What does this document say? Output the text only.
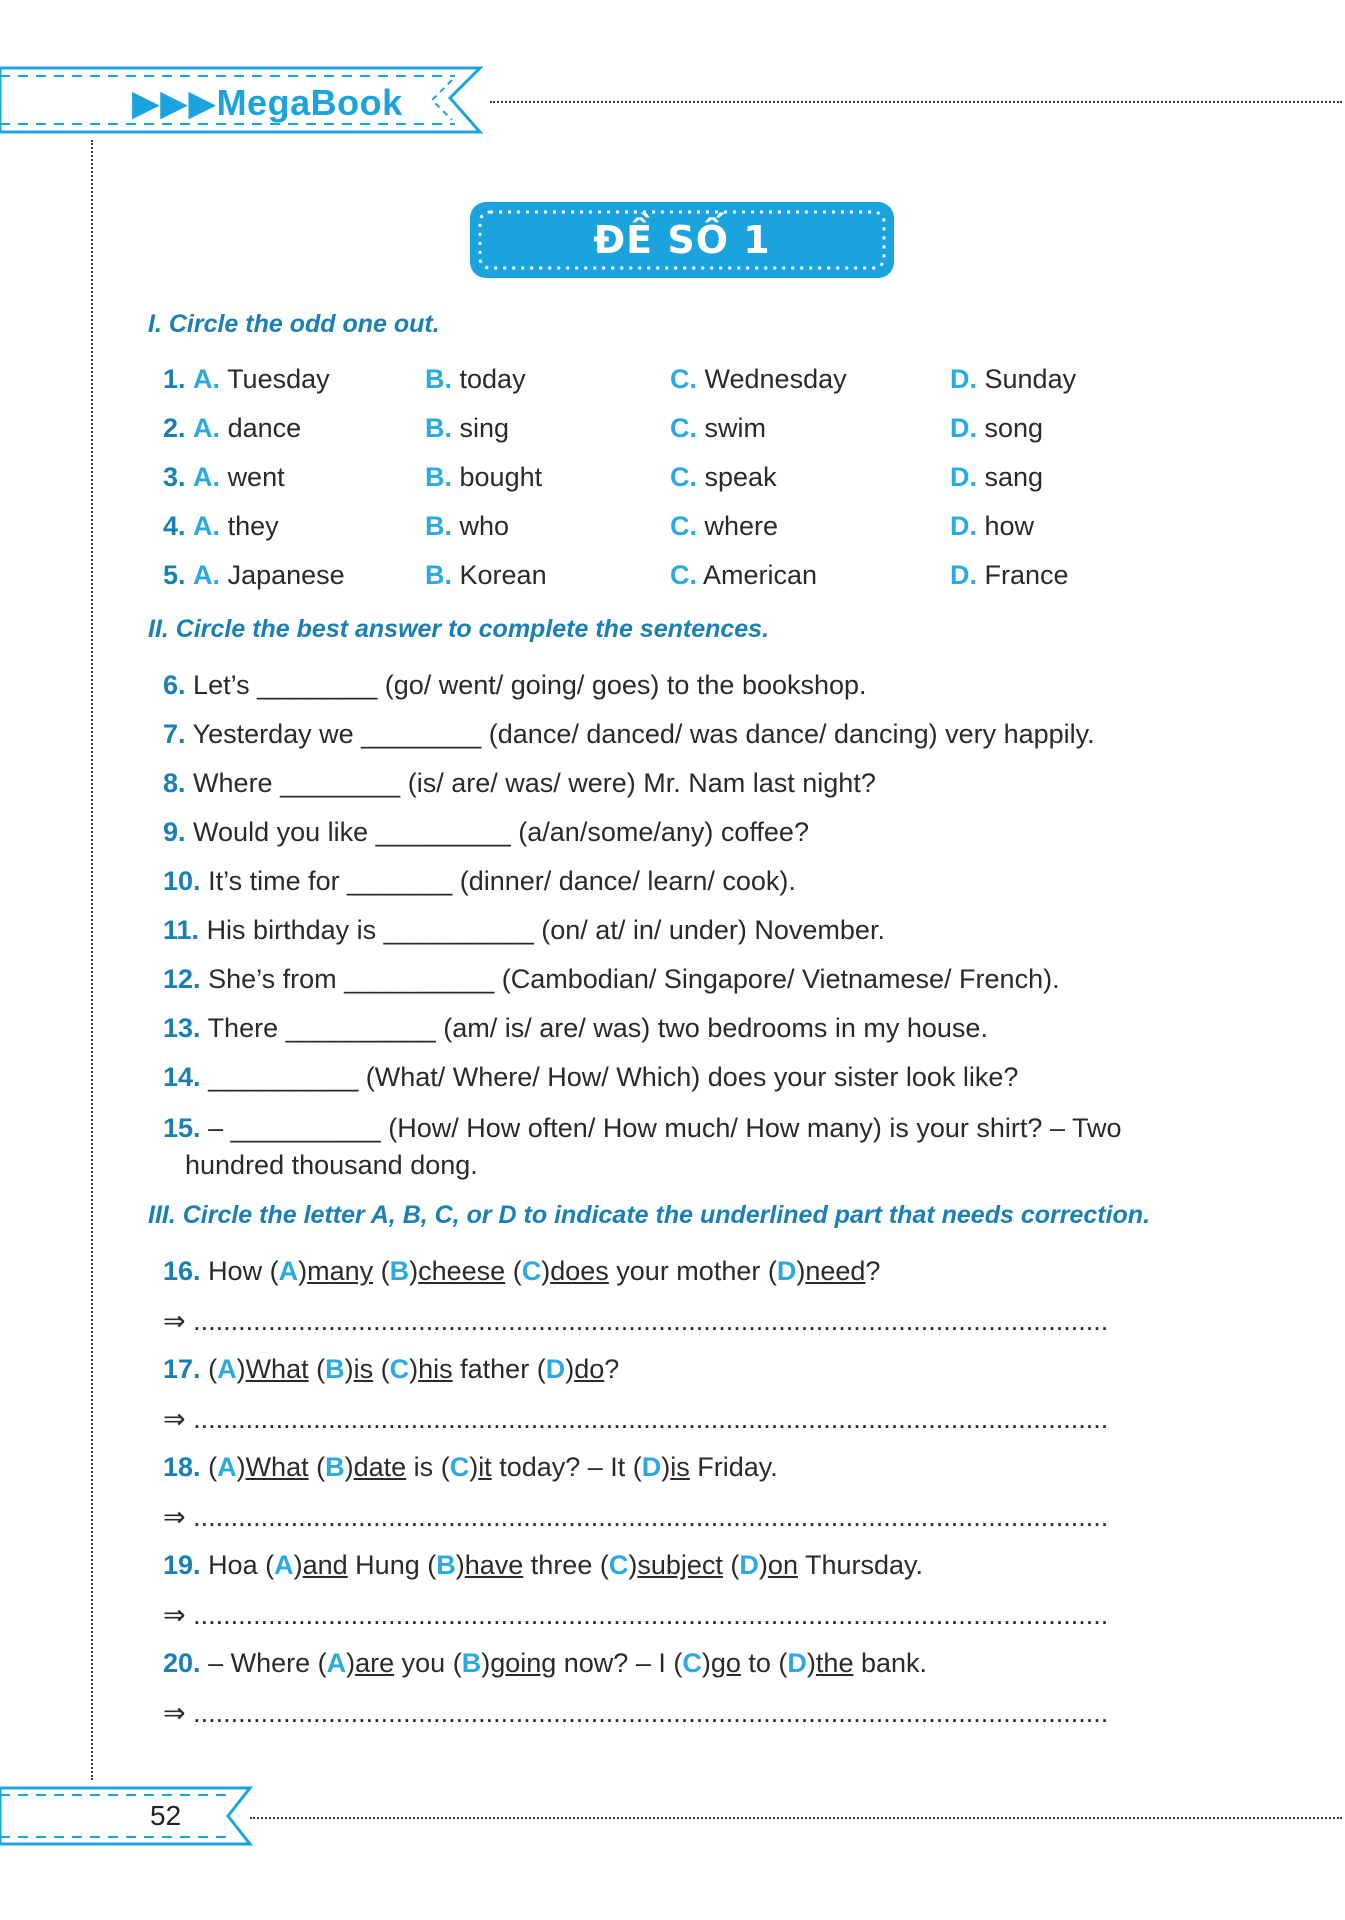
▶▶▶MegaBook
ĐỀ SỐ 1
I. Circle the odd one out.
1. A. Tuesday	B. today	C. Wednesday	D. Sunday
2. A. dance	B. sing	C. swim	D. song
3. A. went	B. bought	C. speak	D. sang
4. A. they	B. who	C. where	D. how
5. A. Japanese	B. Korean	C. American	D. France
II. Circle the best answer to complete the sentences.
6. Let’s ________ (go/ went/ going/ goes) to the bookshop.
7. Yesterday we ________ (dance/ danced/ was dance/ dancing) very happily.
8. Where ________ (is/ are/ was/ were) Mr. Nam last night?
9. Would you like _________ (a/an/some/any) coffee?
10. It’s time for _______ (dinner/ dance/ learn/ cook).
11. His birthday is __________ (on/ at/ in/ under) November.
12. She’s from __________ (Cambodian/ Singapore/ Vietnamese/ French).
13. There __________ (am/ is/ are/ was) two bedrooms in my house.
14. __________ (What/ Where/ How/ Which) does your sister look like?
15. – __________ (How/ How often/ How much/ How many) is your shirt? – Two
hundred thousand dong.
III. Circle the letter A, B, C, or D to indicate the underlined part that needs correction.
16. How (A)many (B)cheese (C)does your mother (D)need?
⇒ ..........................................................................................................................
17. (A)What (B)is (C)his father (D)do?
⇒ ..........................................................................................................................
18. (A)What (B)date is (C)it today? – It (D)is Friday.
⇒ ..........................................................................................................................
19. Hoa (A)and Hung (B)have three (C)subject (D)on Thursday.
⇒ ..........................................................................................................................
20. – Where (A)are you (B)going now? – I (C)go to (D)the bank.
⇒ ..........................................................................................................................
52
